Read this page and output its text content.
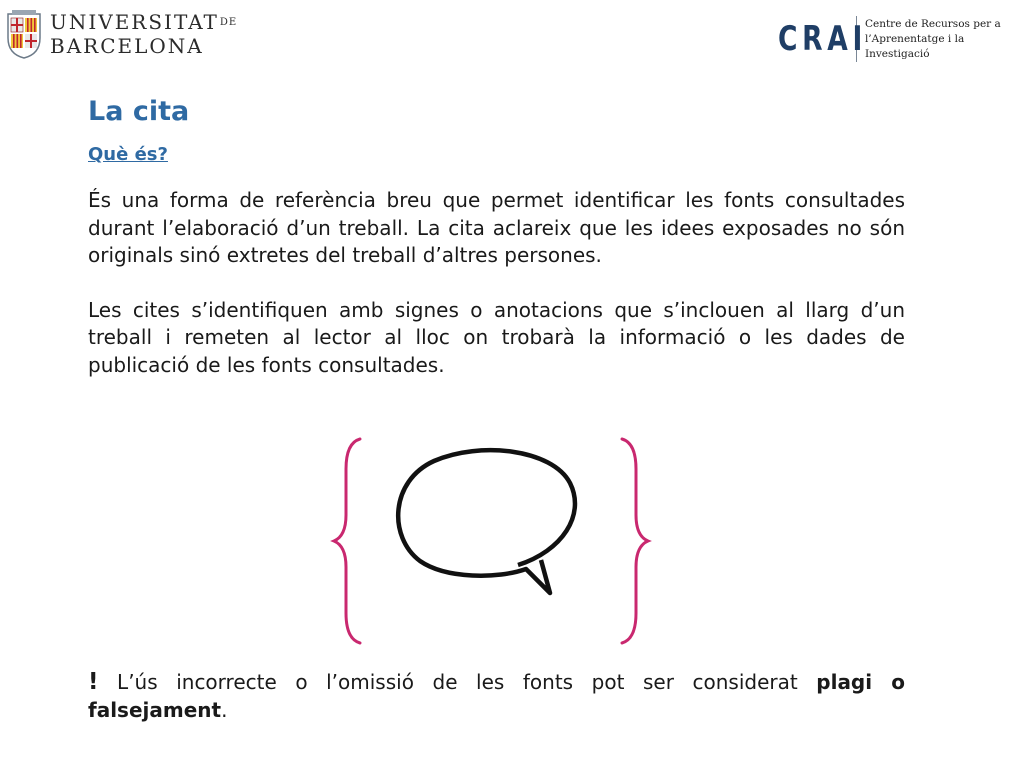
$UNIVERSITAT^{DE}$
BARCELONA	CRAI
Centre de Recursos per a
l’Aprenentatge i la Investigació
La cita
Què és?

És una forma de referència breu que permet identificar les fonts consultades durant l’elaboració d’un treball. La cita aclareix que les idees exposades no són originals sinó extretes del treball d’altres persones.

Les cites s’identifiquen amb signes o anotacions que s’inclouen al llarg d’un treball i remeten al lector al lloc on trobarà la informació o les dades de publicació de les fonts consultades.

! L’ús incorrecte o l’omissió de les fonts pot ser considerat plagi o falsejament.
